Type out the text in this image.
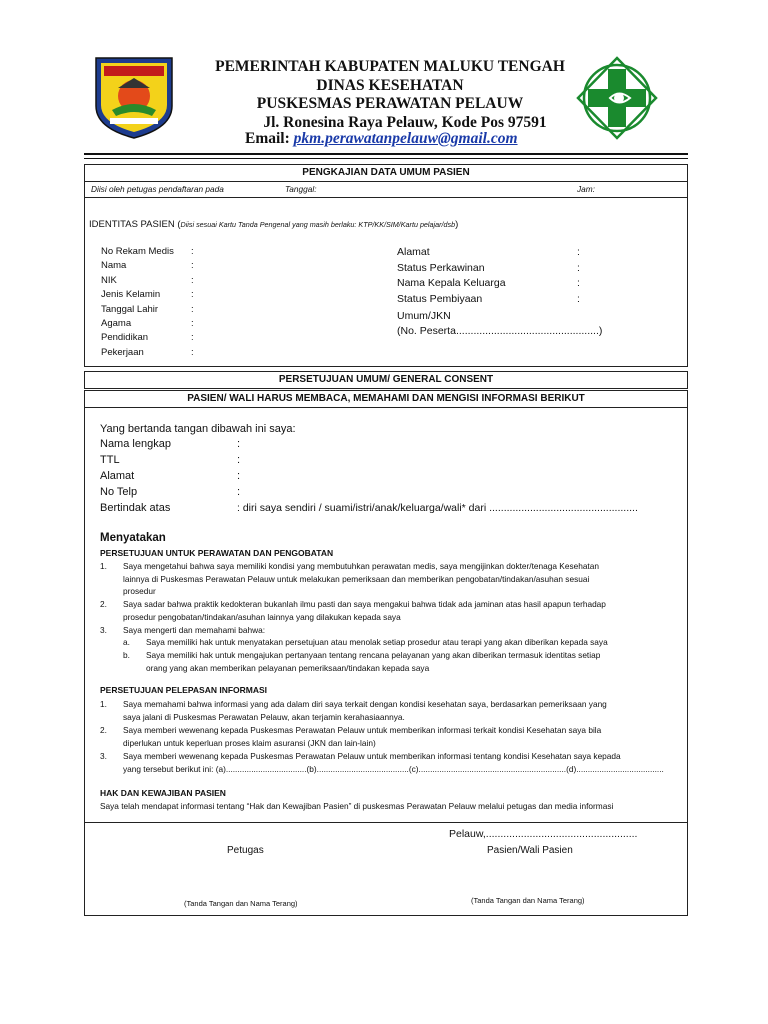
PEMERINTAH KABUPATEN MALUKU TENGAH
DINAS KESEHATAN
PUSKESMAS PERAWATAN PELAUW
Jl. Ronesina Raya Pelauw, Kode Pos 97591
Email: pkm.perawatanpelauw@gmail.com
PENGKAJIAN DATA UMUM PASIEN
Diisi oleh petugas pendaftaran pada	Tanggal:	Jam:
IDENTITAS PASIEN (Diisi sesuai Kartu Tanda Pengenal yang masih berlaku: KTP/KK/SIM/Kartu pelajar/dsb)
No Rekam Medis :
Nama	:
NIK	:
Jenis Kelamin	:
Tanggal Lahir	:
Agama	:
Pendidikan	:
Pekerjaan	:
Alamat	:
Status Perkawinan	:
Nama Kepala Keluarga	:
Status Pembiyaan	:
Umum/JKN
(No. Peserta.................................................)
PERSETUJUAN UMUM/ GENERAL CONSENT
PASIEN/ WALI HARUS MEMBACA, MEMAHAMI DAN MENGISI INFORMASI BERIKUT
Yang bertanda tangan dibawah ini saya:
Nama lengkap	:
TTL	:
Alamat	:
No Telp	:
Bertindak atas	: diri saya sendiri / suami/istri/anak/keluarga/wali* dari ...................................................
Menyatakan
PERSETUJUAN UNTUK PERAWATAN DAN PENGOBATAN
1. Saya mengetahui bahwa saya memiliki kondisi yang membutuhkan perawatan medis, saya mengijinkan dokter/tenaga Kesehatan
lainnya di Puskesmas Perawatan Pelauw untuk melakukan pemeriksaan dan memberikan pengobatan/tindakan/asuhan sesuai
prosedur
2. Saya sadar bahwa praktik kedokteran bukanlah ilmu pasti dan saya mengakui bahwa tidak ada jaminan atas hasil apapun terhadap
prosedur pengobatan/tindakan/asuhan lainnya yang dilakukan kepada saya
3. Saya mengerti dan memahami bahwa:
a. Saya memiliki hak untuk menyatakan persetujuan atau menolak setiap prosedur atau terapi yang akan diberikan kepada saya
b. Saya memiliki hak untuk mengajukan pertanyaan tentang rencana pelayanan yang akan diberikan termasuk identitas setiap
orang yang akan memberikan pelayanan pemeriksaan/tindakan kepada saya
PERSETUJUAN PELEPASAN INFORMASI
1. Saya memahami bahwa informasi yang ada dalam diri saya terkait dengan kondisi kesehatan saya, berdasarkan pemeriksaan yang
saya jalani di Puskesmas Perawatan Pelauw, akan terjamin kerahasiaannya.
2. Saya memberi wewenang kepada Puskesmas Perawatan Pelauw untuk memberikan informasi terkait kondisi Kesehatan saya bila
diperlukan untuk keperluan proses klaim asuransi (JKN dan lain-lain)
3. Saya memberi wewenang kepada Puskesmas Perawatan Pelauw untuk memberikan informasi tentang kondisi Kesehatan saya kepada
yang tersebut berikut ini: (a)...................................(b)........................................(c)................................................................(d)......................................
HAK DAN KEWAJIBAN PASIEN
Saya telah mendapat informasi tentang “Hak dan Kewajiban Pasien” di puskesmas Perawatan Pelauw melalui petugas dan media informasi
Pelauw,....................................................
Petugas	Pasien/Wali Pasien
(Tanda Tangan dan Nama Terang)	(Tanda Tangan dan Nama Terang)
